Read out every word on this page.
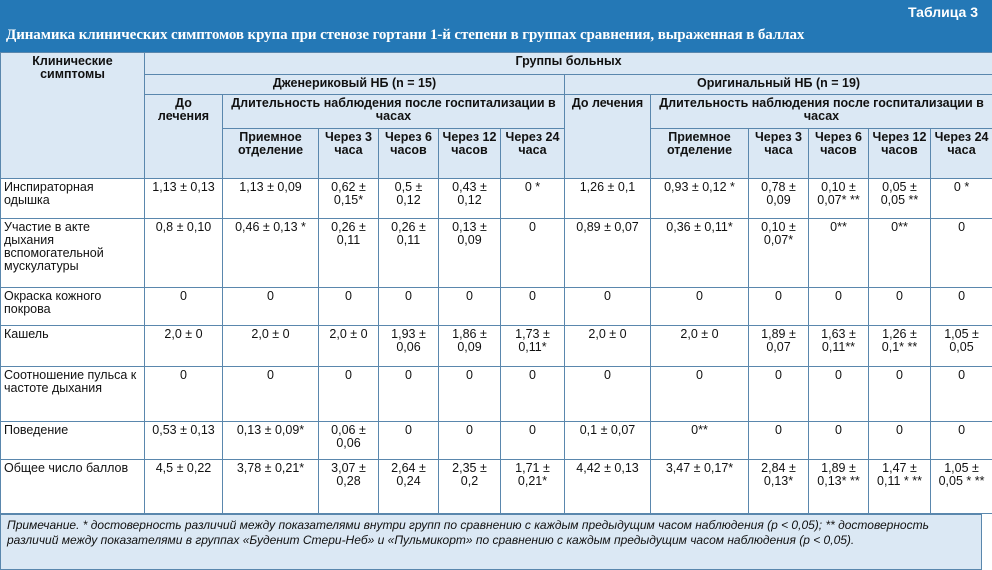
Таблица 3
Динамика клинических симптомов крупа при стенозе гортани 1-й степени в группах сравнения, выраженная в баллах
Клинические симптомы	Группы больных											
	Дженериковый НБ (n = 15)						Оригинальный НБ (n = 19)					
	До лечения	Длительность наблюдения после госпитализации в часах					До лечения	Длительность наблюдения после госпитализации в часах				
		Приемное отделение	Через 3 часа	Через 6 часов	Через 12 часов	Через 24 часа		Приемное отделение	Через 3 часа	Через 6 часов	Через 12 часов	Через 24 часа
Инспираторная одышка	1,13 ± 0,13	1,13 ± 0,09	0,62 ± 0,15*	0,5 ± 0,12	0,43 ± 0,12	0 *	1,26 ± 0,1	0,93 ± 0,12 *	0,78 ± 0,09	0,10 ± 0,07* **	0,05 ± 0,05 **	0 *
Участие в акте дыхания вспомогательной мускулатуры	0,8 ± 0,10	0,46 ± 0,13 *	0,26 ± 0,11	0,26 ± 0,11	0,13 ± 0,09	0	0,89 ± 0,07	0,36 ± 0,11*	0,10 ± 0,07*	0**	0**	0
Окраска кожного покрова	0	0	0	0	0	0	0	0	0	0	0	0
Кашель	2,0 ± 0	2,0 ± 0	2,0 ± 0	1,93 ± 0,06	1,86 ± 0,09	1,73 ± 0,11*	2,0 ± 0	2,0 ± 0	1,89 ± 0,07	1,63 ± 0,11**	1,26 ± 0,1* **	1,05 ± 0,05
Соотношение пульса к частоте дыхания	0	0	0	0	0	0	0	0	0	0	0	0
Поведение	0,53 ± 0,13	0,13 ± 0,09*	0,06 ± 0,06	0	0	0	0,1 ± 0,07	0**	0	0	0	0
Общее число баллов	4,5 ± 0,22	3,78 ± 0,21*	3,07 ± 0,28	2,64 ± 0,24	2,35 ± 0,2	1,71 ± 0,21*	4,42 ± 0,13	3,47 ± 0,17*	2,84 ± 0,13*	1,89 ± 0,13* **	1,47 ± 0,11 * **	1,05 ± 0,05 * **
Примечание. * достоверность различий между показателями внутри групп по сравнению с каждым предыдущим часом наблюдения (p < 0,05); ** достоверность различий между показателями в группах «Буденит Стери-Неб» и «Пульмикорт» по сравнению с каждым предыдущим часом наблюдения (p < 0,05).
